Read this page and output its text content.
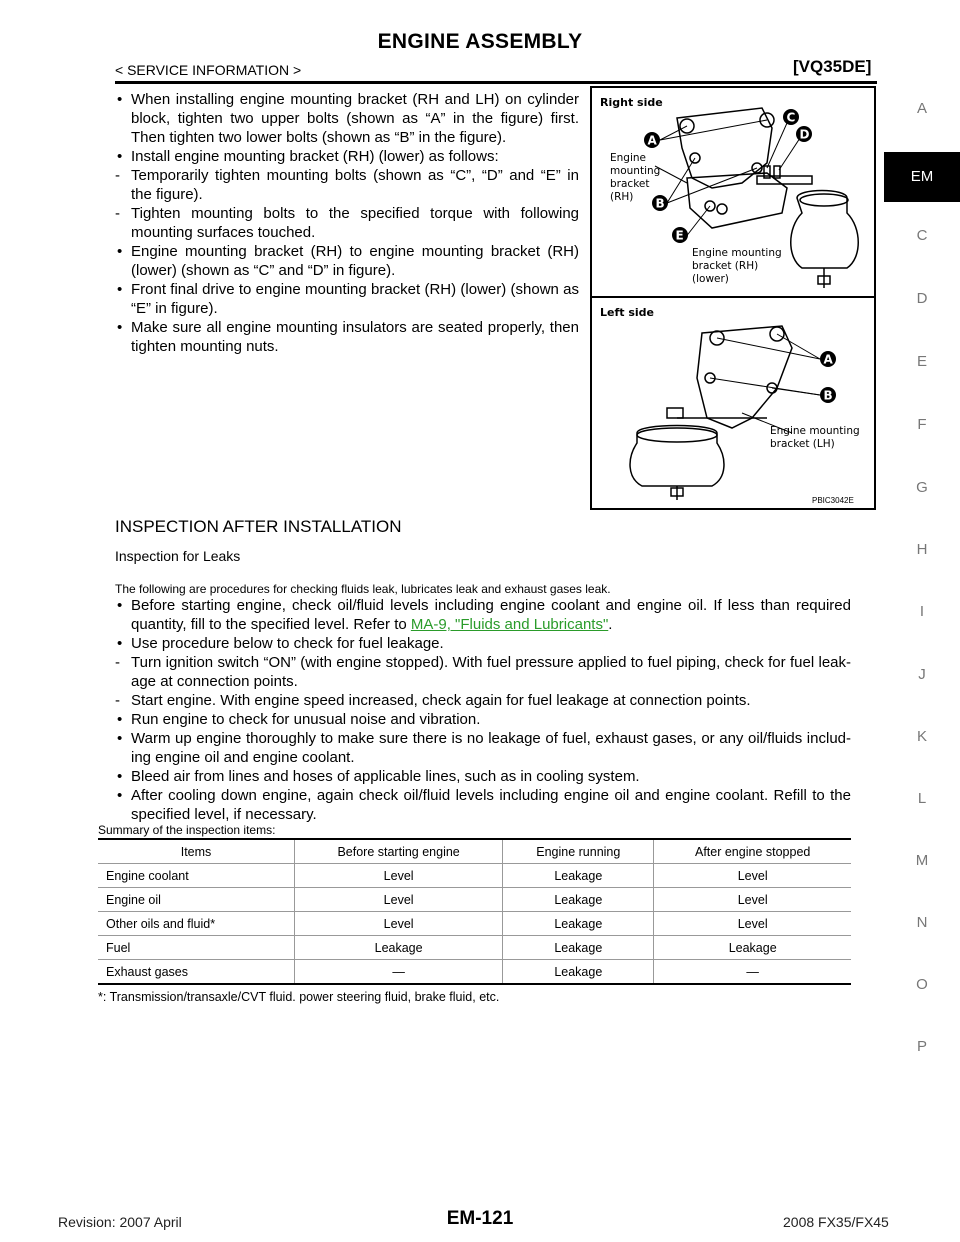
ENGINE ASSEMBLY
< SERVICE INFORMATION >	[VQ35DE]
A
EM
C
D
E
F
G
H
I
J
K
L
M
N
O
P
• When installing engine mounting bracket (RH and LH) on cylinder block, tighten two upper bolts (shown as “A” in the figure) first. Then tighten two lower bolts (shown as “B” in the figure).
• Install engine mounting bracket (RH) (lower) as follows:
- Temporarily tighten mounting bolts (shown as “C”, “D” and “E” in the figure).
- Tighten mounting bolts to the specified torque with following mounting surfaces touched.
• Engine mounting bracket (RH) to engine mounting bracket (RH) (lower) (shown as “C” and “D” in figure).
• Front final drive to engine mounting bracket (RH) (lower) (shown as “E” in figure).
• Make sure all engine mounting insulators are seated properly, then tighten mounting nuts.
Right side
Left side
A
B
C
D
E
Engine
mounting
bracket
(RH)
Engine mounting
bracket (RH)
(lower)
A
B
Engine mounting
bracket (LH)
PBIC3042E
INSPECTION AFTER INSTALLATION
Inspection for Leaks
The following are procedures for checking fluids leak, lubricates leak and exhaust gases leak.
• Before starting engine, check oil/fluid levels including engine coolant and engine oil. If less than required quantity, fill to the specified level. Refer to MA-9, "Fluids and Lubricants".
• Use procedure below to check for fuel leakage.
- Turn ignition switch “ON” (with engine stopped). With fuel pressure applied to fuel piping, check for fuel leak-age at connection points.
- Start engine. With engine speed increased, check again for fuel leakage at connection points.
• Run engine to check for unusual noise and vibration.
• Warm up engine thoroughly to make sure there is no leakage of fuel, exhaust gases, or any oil/fluids includ-ing engine oil and engine coolant.
• Bleed air from lines and hoses of applicable lines, such as in cooling system.
• After cooling down engine, again check oil/fluid levels including engine oil and engine coolant. Refill to the specified level, if necessary.
Summary of the inspection items:
Items	Before starting engine	Engine running	After engine stopped
Engine coolant	Level	Leakage	Level
Engine oil	Level	Leakage	Level
Other oils and fluid*	Level	Leakage	Level
Fuel	Leakage	Leakage	Leakage
Exhaust gases	—	Leakage	—
*: Transmission/transaxle/CVT fluid. power steering fluid, brake fluid, etc.
EM-121
Revision: 2007 April	2008 FX35/FX45
